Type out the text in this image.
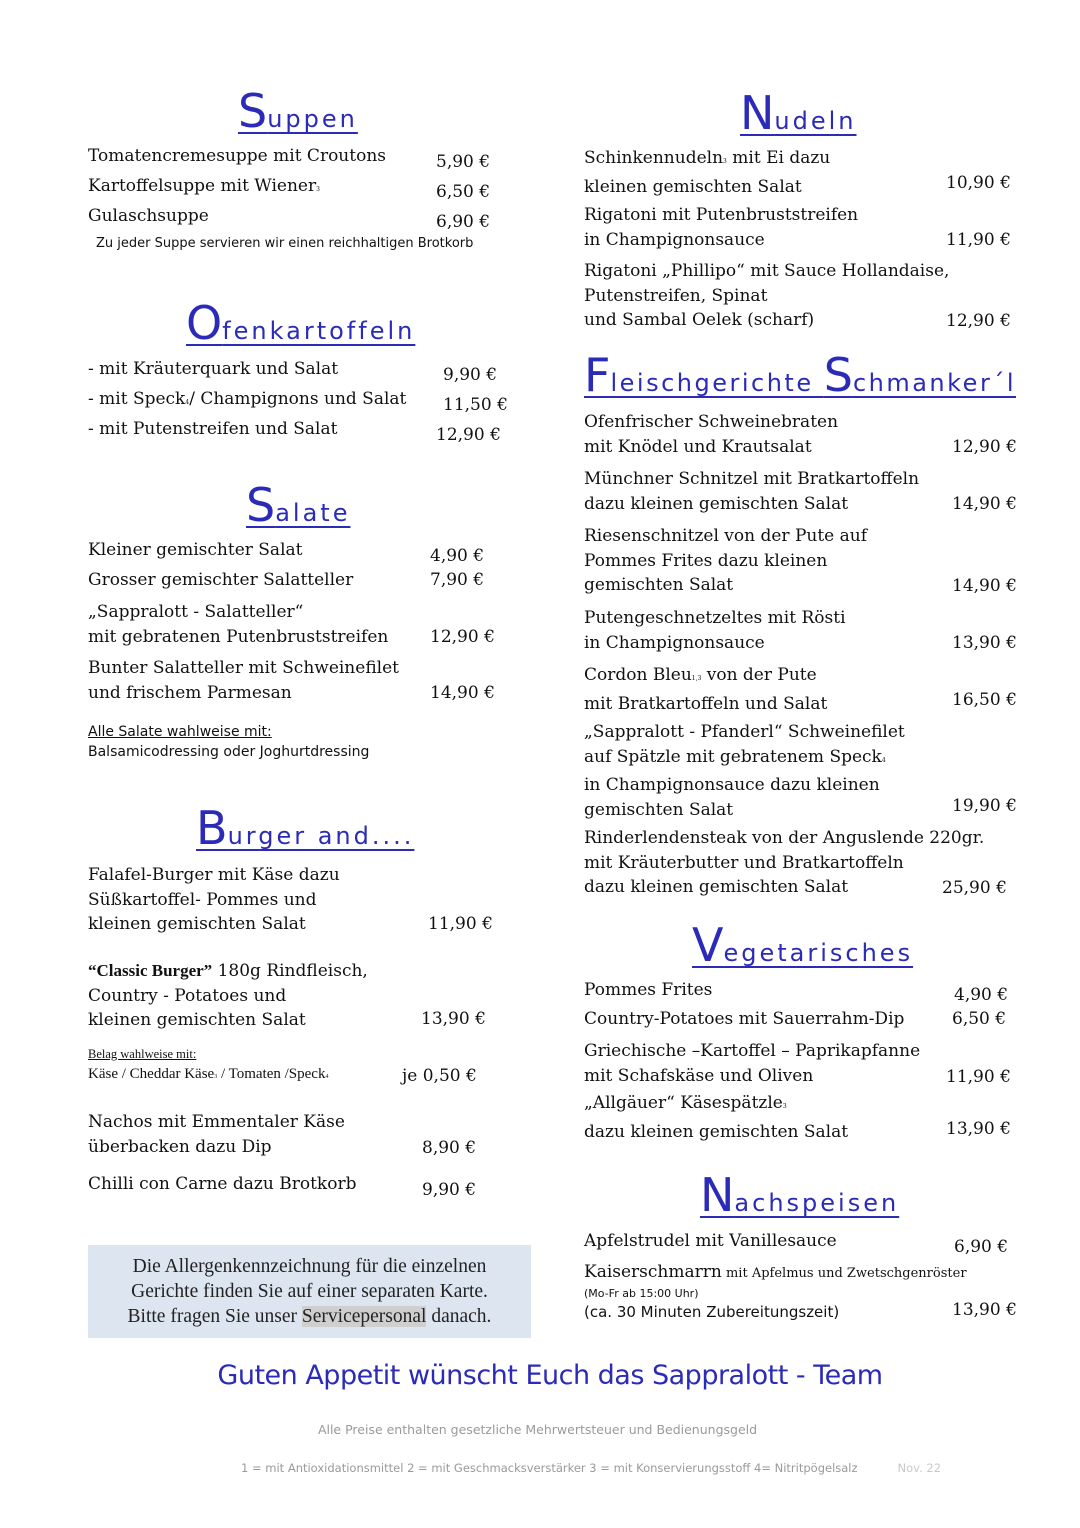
Suppen
Tomatencremesuppe mit Croutons	5,90 €
Kartoffelsuppe mit Wiener3	6,50 €
Gulaschsuppe	6,90 €
Zu jeder Suppe servieren wir einen reichhaltigen Brotkorb
Ofenkartoffeln
- mit Kräuterquark und Salat	9,90 €
- mit Speck4/ Champignons und Salat 11,50 €
- mit Putenstreifen und Salat	12,90 €
Salate
Kleiner gemischter Salat	4,90 €
Grosser gemischter Salatteller	7,90 €
„Sappralott - Salatteller“
mit gebratenen Putenbruststreifen	12,90 €
Bunter Salatteller mit Schweinefilet
und frischem Parmesan	14,90 €
Alle Salate wahlweise mit:
Balsamicodressing oder Joghurtdressing
Burger and....
Falafel-Burger mit Käse dazu
Süßkartoffel- Pommes und
kleinen gemischten Salat	11,90 €
“Classic Burger” 180g Rindfleisch,
Country - Potatoes und
kleinen gemischten Salat	13,90 €
Belag wahlweise mit:
Käse / Cheddar Käse3 / Tomaten /Speck4	je 0,50 €
Nachos mit Emmentaler Käse
überbacken dazu Dip	8,90 €
Chilli con Carne dazu Brotkorb	9,90 €
Die Allergenkennzeichnung für die einzelnen
Gerichte finden Sie auf einer separaten Karte.
Bitte fragen Sie unser Servicepersonal danach.
Nudeln
Schinkennudeln3 mit Ei dazu
kleinen gemischten Salat	10,90 €
Rigatoni mit Putenbruststreifen
in Champignonsauce	11,90 €
Rigatoni „Phillipo“ mit Sauce Hollandaise,
Putenstreifen, Spinat
und Sambal Oelek (scharf)	12,90 €
Fleischgerichte Schmanker´l
Ofenfrischer Schweinebraten
mit Knödel und Krautsalat	12,90 €
Münchner Schnitzel mit Bratkartoffeln
dazu kleinen gemischten Salat	14,90 €
Riesenschnitzel von der Pute auf
Pommes Frites dazu kleinen
gemischten Salat	14,90 €
Putengeschnetzeltes mit Rösti
in Champignonsauce	13,90 €
Cordon Bleu1,3 von der Pute
mit Bratkartoffeln und Salat	16,50 €
„Sappralott - Pfanderl“ Schweinefilet
auf Spätzle mit gebratenem Speck4
in Champignonsauce dazu kleinen
gemischten Salat	19,90 €
Rinderlendensteak von der Anguslende 220gr.
mit Kräuterbutter und Bratkartoffeln
dazu kleinen gemischten Salat	25,90 €
Vegetarisches
Pommes Frites	4,90 €
Country-Potatoes mit Sauerrahm-Dip	6,50 €
Griechische –Kartoffel – Paprikapfanne
mit Schafskäse und Oliven	11,90 €
„Allgäuer“ Käsespätzle3
dazu kleinen gemischten Salat	13,90 €
Nachspeisen
Apfelstrudel mit Vanillesauce	6,90 €
Kaiserschmarrn mit Apfelmus und Zwetschgenröster
(Mo-Fr ab 15:00 Uhr)
(ca. 30 Minuten Zubereitungszeit)	13,90 €
Guten Appetit wünscht Euch das Sappralott - Team
Alle Preise enthalten gesetzliche Mehrwertsteuer und Bedienungsgeld
1 = mit Antioxidationsmittel 2 = mit Geschmacksverstärker 3 = mit Konservierungsstoff 4= Nitritpögelsalz	Nov. 22
